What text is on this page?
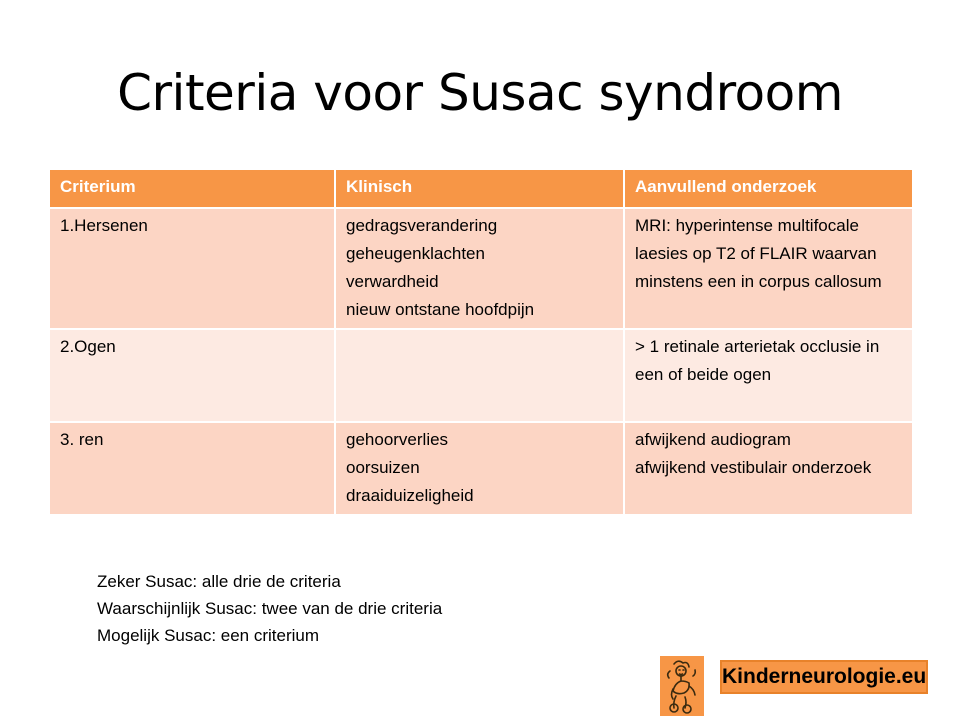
Criteria voor Susac syndroom
Criterium	Klinisch	Aanvullend onderzoek
1.Hersenen	gedragsverandering
geheugenklachten
verwardheid
nieuw ontstane hoofdpijn	MRI: hyperintense multifocale laesies op T2 of FLAIR waarvan minstens een in corpus callosum
2.Ogen		> 1 retinale arterietak occlusie in een of beide ogen
3. ren	gehoorverlies
oorsuizen
draaiduizeligheid	afwijkend audiogram
afwijkend vestibulair onderzoek
Zeker Susac: alle drie de criteria
Waarschijnlijk Susac: twee van de drie criteria
Mogelijk Susac: een criterium
Kinderneurologie.eu
